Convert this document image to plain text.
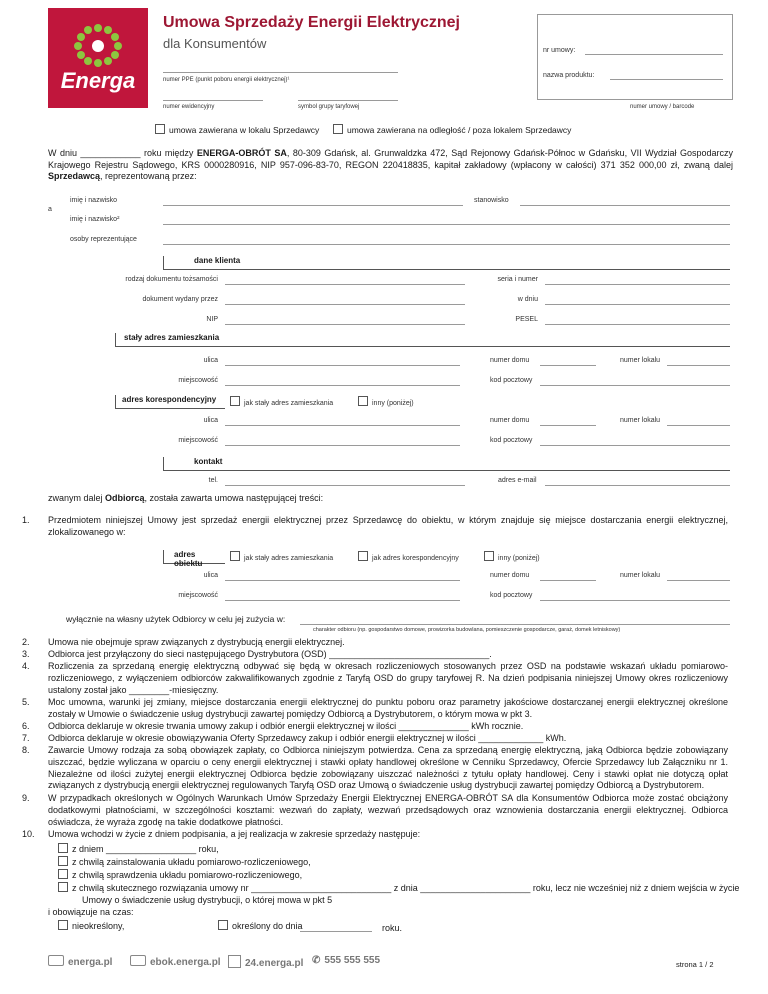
Energa
Umowa Sprzedaży Energii Elektrycznej
dla Konsumentów
numer PPE (punkt poboru energii elektrycznej)¹
numer ewidencyjny	symbol grupy taryfowej
nr umowy:
nazwa produktu:
numer umowy / barcode
umowa zawierana w lokalu Sprzedawcy	umowa zawierana na odległość / poza lokalem Sprzedawcy
W dniu ____________ roku między ENERGA-OBRÓT SA, 80-309 Gdańsk, al. Grunwaldzka 472, Sąd Rejonowy Gdańsk-Północ w Gdańsku, VII Wydział Gospodarczy Krajowego Rejestru Sądowego, KRS 0000280916, NIP 957-096-83-70, REGON 220418835, kapitał zakładowy (wpłacony w całości) 371 352 000,00 zł, zwaną dalej Sprzedawcą, reprezentowaną przez:
imię i nazwisko	stanowisko
a
imię i nazwisko²
osoby reprezentujące
dane klienta
rodzaj dokumentu tożsamości	seria i numer
dokument wydany przez	w dniu
NIP	PESEL
stały adres zamieszkania
ulica	numer domu	numer lokalu
miejscowość	kod pocztowy
adres korespondencyjny	jak stały adres zamieszkania	inny (poniżej)
ulica	numer domu	numer lokalu
miejscowość	kod pocztowy
kontakt
tel.	adres e-mail
zwanym dalej Odbiorcą, została zawarta umowa następującej treści:
1. Przedmiotem niniejszej Umowy jest sprzedaż energii elektrycznej przez Sprzedawcę do obiektu, w którym znajduje się miejsce dostarczania energii elektrycznej, zlokalizowanego w:
adres obiektu
jak stały adres zamieszkania	jak adres korespondencyjny	inny (poniżej)
ulica	numer domu	numer lokalu
miejscowość	kod pocztowy
wyłącznie na własny użytek Odbiorcy w celu jej zużycia w:
charakter odbioru (np. gospodarstwo domowe, prowizorka budowlana, pomieszczenie gospodarcze, garaż, domek letniskowy)
2. Umowa nie obejmuje spraw związanych z dystrybucją energii elektrycznej.
3. Odbiorca jest przyłączony do sieci następującego Dystrybutora (OSD) ________________________________.
4. Rozliczenia za sprzedaną energię elektryczną odbywać się będą w okresach rozliczeniowych stosowanych przez OSD na podstawie wskazań układu pomiarowo-rozliczeniowego, z wyłączeniem odbiorców zakwalifikowanych zgodnie z Taryfą OSD do grupy taryfowej R. Na dzień podpisania niniejszej Umowy okres rozliczeniowy ustalony został jako ________-miesięczny.
5. Moc umowna, warunki jej zmiany, miejsce dostarczania energii elektrycznej do punktu poboru oraz parametry jakościowe dostarczanej energii elektrycznej określone zostały w Umowie o świadczenie usług dystrybucji zawartej pomiędzy Odbiorcą a Dystrybutorem, o którym mowa w pkt 3.
6. Odbiorca deklaruje w okresie trwania umowy zakup i odbiór energii elektrycznej w ilości ______________ kWh rocznie.
7. Odbiorca deklaruje w okresie obowiązywania Oferty Sprzedawcy zakup i odbiór energii elektrycznej w ilości _____________ kWh.
8. Zawarcie Umowy rodzaja za sobą obowiązek zapłaty, co Odbiorca niniejszym potwierdza. Cena za sprzedaną energię elektryczną, jaką Odbiorca będzie zobowiązany uiszczać, będzie wyliczana w oparciu o ceny energii elektrycznej i stawki opłaty handlowej określone w Cenniku Sprzedawcy, Ofercie Sprzedawcy lub Załączniku nr 1. Niezależne od ilości zużytej energii elektrycznej Odbiorca będzie zobowiązany uiszczać należności z tytułu opłaty handlowej. Ceny i stawki opłat nie dotyczą opłat związanych z dystrybucją energii elektrycznej regulowanych Taryfą OSD oraz Umową o świadczenie usług dystrybucji zawartej pomiędzy Odbiorcą a Dystrybutorem.
9. W przypadkach określonych w Ogólnych Warunkach Umów Sprzedaży Energii Elektrycznej ENERGA-OBRÓT SA dla Konsumentów Odbiorca może zostać obciążony dodatkowymi płatnościami, w szczególności kosztami: wezwań do zapłaty, wezwań przedsądowych oraz wznowienia dostarczania energii elektrycznej. Odbiorca oświadcza, że wyraża zgodę na takie dodatkowe płatności.
10. Umowa wchodzi w życie z dniem podpisania, a jej realizacja w zakresie sprzedaży następuje:
z dniem __________________ roku,
z chwilą zainstalowania układu pomiarowo-rozliczeniowego,
z chwilą sprawdzenia układu pomiarowo-rozliczeniowego,
z chwilą skutecznego rozwiązania umowy nr ____________________________ z dnia ______________________ roku, lecz nie wcześniej niż z dniem wejścia w życie
Umowy o świadczenie usług dystrybucji, o której mowa w pkt 5
i obowiązuje na czas:
nieokreślony,	określony do dnia	roku.
energa.pl	ebok.energa.pl	24.energa.pl ✆ 555 555 555	strona 1 / 2
